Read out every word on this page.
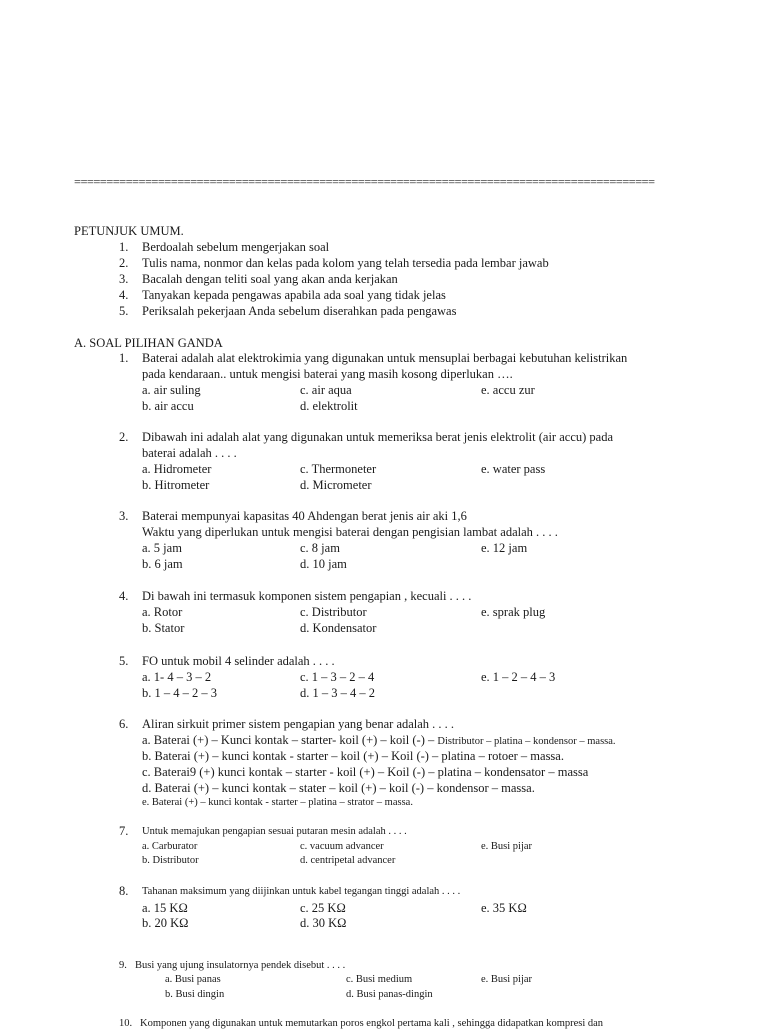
==========================================================================================
PETUNJUK UMUM.
1. Berdoalah sebelum mengerjakan soal
2. Tulis nama, nonmor dan kelas pada kolom yang telah tersedia pada lembar jawab
3. Bacalah dengan teliti soal yang akan anda kerjakan
4. Tanyakan kepada pengawas apabila ada soal yang tidak jelas
5. Periksalah pekerjaan Anda sebelum diserahkan pada pengawas
A. SOAL PILIHAN GANDA
1. Baterai adalah alat elektrokimia yang digunakan untuk mensuplai berbagai kebutuhan kelistrikan
pada kendaraan.. untuk mengisi baterai yang masih kosong diperlukan ….
a. air suling	c. air aqua	e. accu zur
b. air accu	d. elektrolit
2. Dibawah ini adalah alat yang digunakan untuk memeriksa berat jenis elektrolit (air accu) pada
baterai adalah . . . .
a. Hidrometer	c. Thermoneter	e. water pass
b. Hitrometer	d. Micrometer
3. Baterai mempunyai kapasitas 40 Ahdengan berat jenis air aki 1,6
Waktu yang diperlukan untuk mengisi baterai dengan pengisian lambat adalah . . . .
a. 5 jam	c. 8 jam	e. 12 jam
b. 6 jam	d. 10 jam
4. Di bawah ini termasuk komponen sistem pengapian , kecuali . . . .
a. Rotor	c. Distributor	e. sprak plug
b. Stator	d. Kondensator
5. FO untuk mobil 4 selinder adalah . . . .
a. 1- 4 – 3 – 2	c. 1 – 3 – 2 – 4	e. 1 – 2 – 4 – 3
b. 1 – 4 – 2 – 3	d. 1 – 3 – 4 – 2
6. Aliran sirkuit primer sistem pengapian yang benar adalah . . . .
a. Baterai (+) – Kunci kontak – starter- koil (+) – koil (-) – Distributor – platina – kondensor – massa.
b. Baterai (+) – kunci kontak - starter – koil (+) – Koil (-) – platina – rotoer – massa.
c. Baterai9 (+) kunci kontak – starter - koil (+) – Koil (-) – platina – kondensator – massa
d. Baterai (+) – kunci kontak – stater – koil (+) – koil (-) – kondensor – massa.
e. Baterai (+) – kunci kontak - starter – platina – strator – massa.
7. Untuk memajukan pengapian sesuai putaran mesin adalah . . . .
a. Carburator	c. vacuum advancer	e. Busi pijar
b. Distributor	d. centripetal advancer
8. Tahanan maksimum yang diijinkan untuk kabel tegangan tinggi adalah . . . .
a. 15 KΩ	c. 25 KΩ	e. 35 KΩ
b. 20 KΩ	d. 30 KΩ
9. Busi yang ujung insulatornya pendek disebut . . . .
a. Busi panas	c. Busi medium	e. Busi pijar
b. Busi dingin	d. Busi panas-dingin
10. Komponen yang digunakan untuk memutarkan poros engkol pertama kali , sehingga didapatkan kompresi dan
